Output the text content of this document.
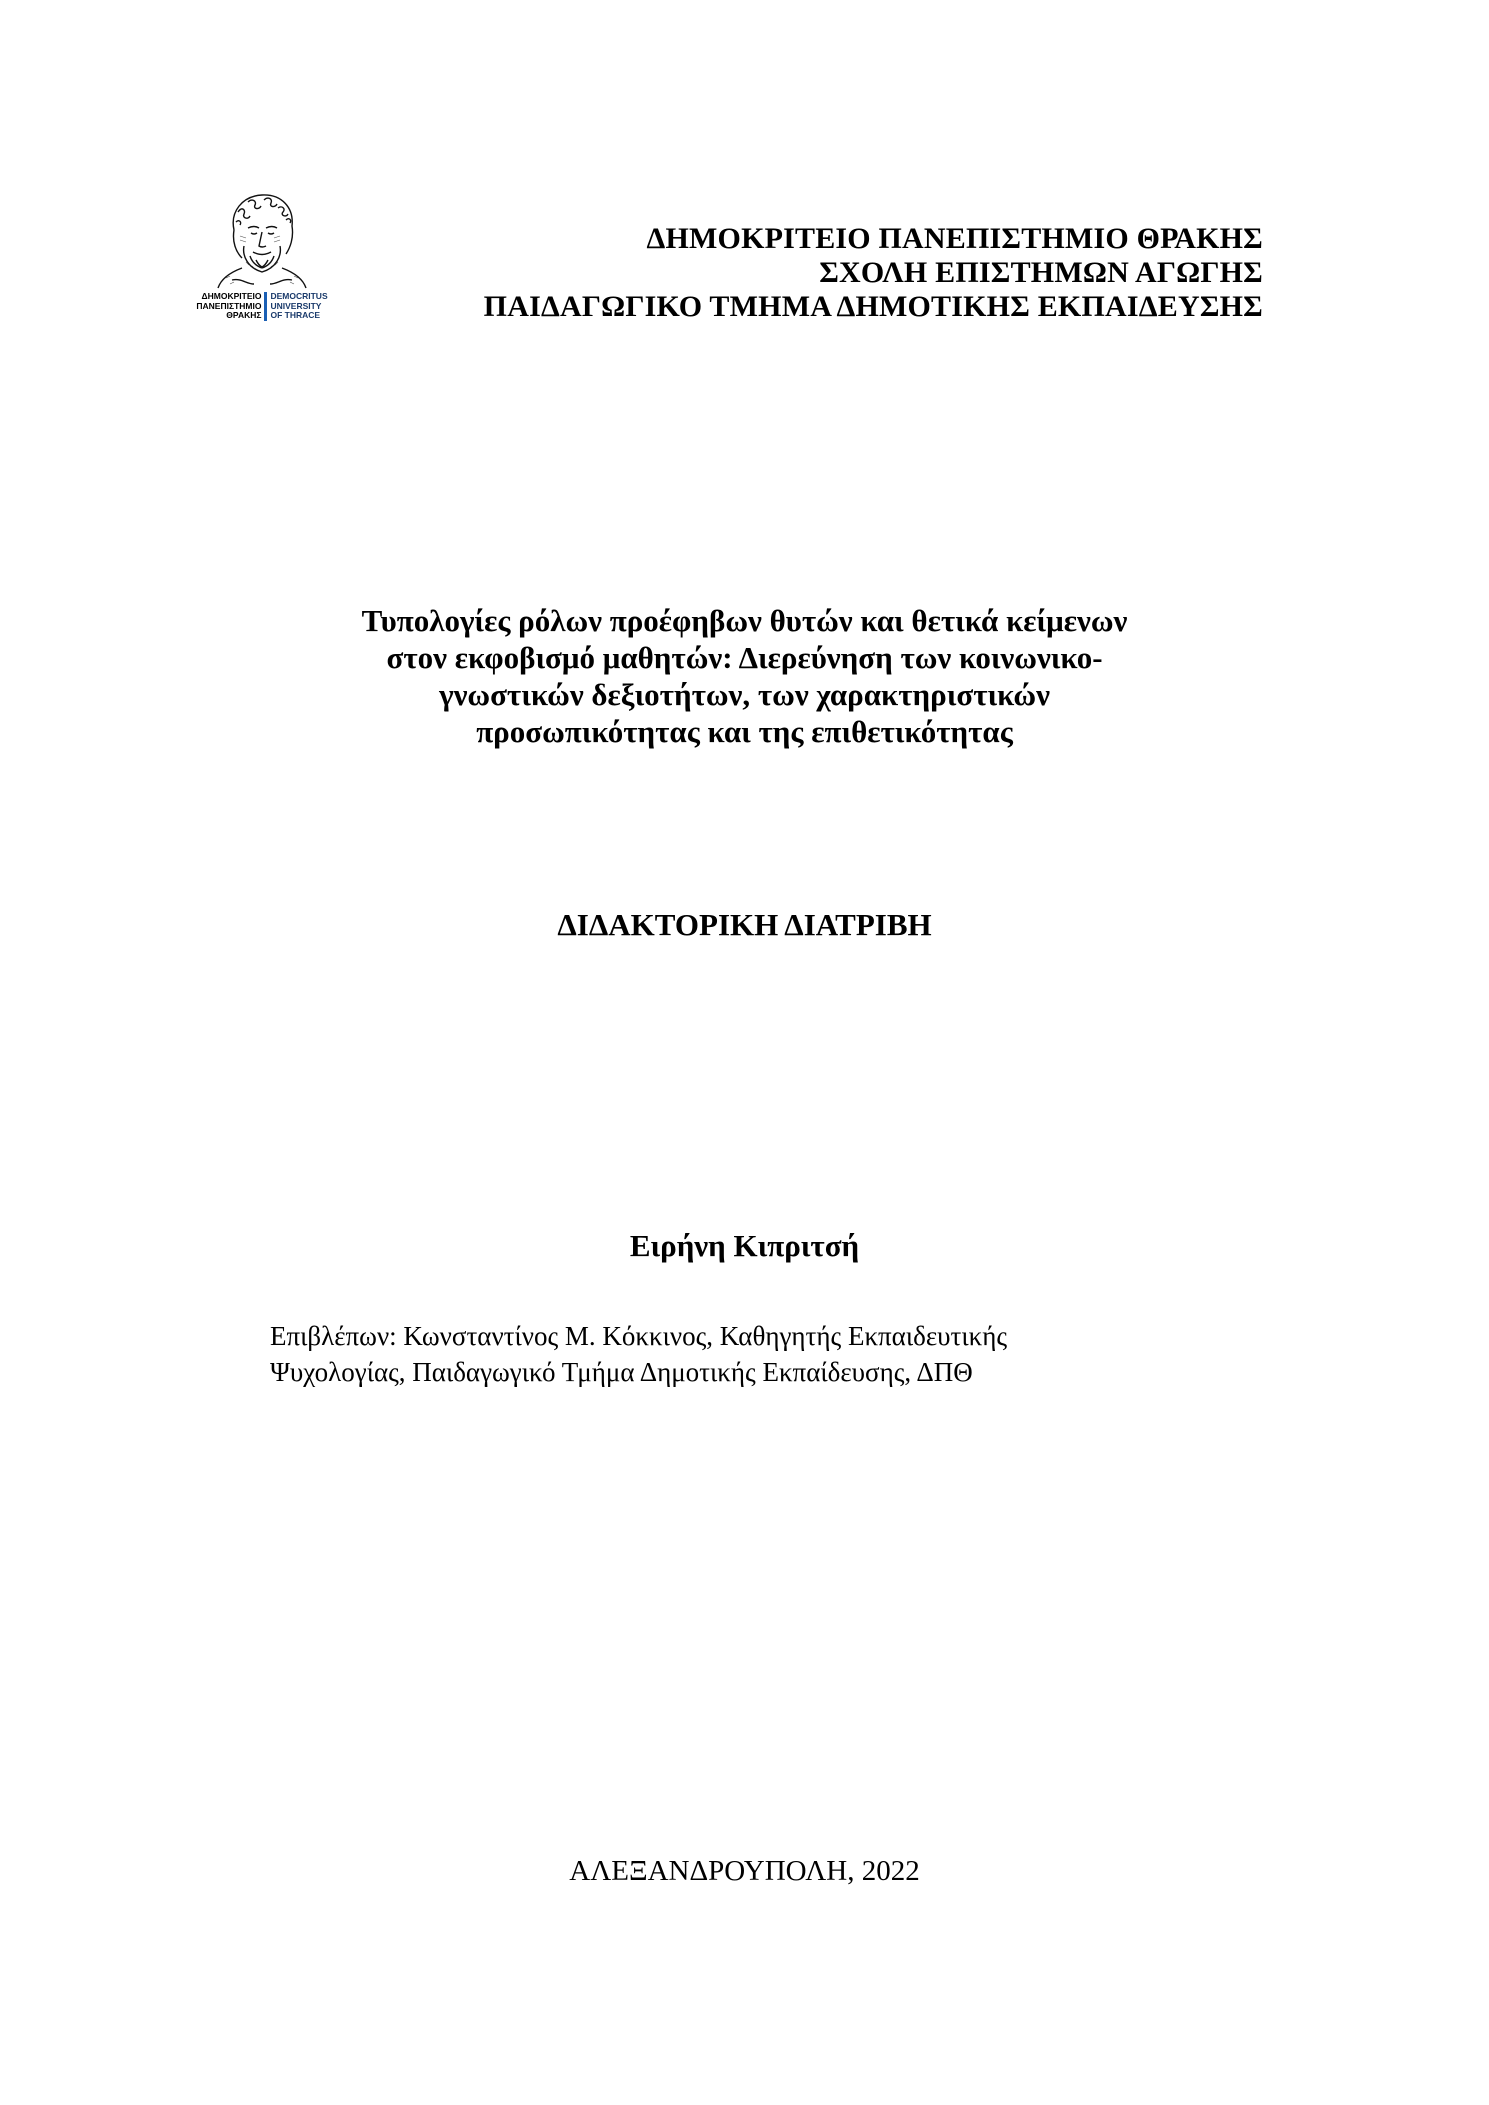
ΔΗΜΟΚΡΙΤΕΙΟ
ΠΑΝΕΠΙΣΤΗΜΙΟ
ΘΡΑΚΗΣ
DEMOCRITUS
UNIVERSITY
OF THRACE
ΔΗΜΟΚΡΙΤΕΙΟ ΠΑΝΕΠΙΣΤΗΜΙΟ ΘΡΑΚΗΣ
ΣΧΟΛΗ ΕΠΙΣΤΗΜΩΝ ΑΓΩΓΗΣ
ΠΑΙΔΑΓΩΓΙΚΟ ΤΜΗΜΑ ΔΗΜΟΤΙΚΗΣ ΕΚΠΑΙΔΕΥΣΗΣ
Τυπολογίες ρόλων προέφηβων θυτών και θετικά κείμενων
στον εκφοβισμό μαθητών: Διερεύνηση των κοινωνικο-
γνωστικών δεξιοτήτων, των χαρακτηριστικών
προσωπικότητας και της επιθετικότητας
ΔΙΔΑΚΤΟΡΙΚΗ ΔΙΑΤΡΙΒΗ
Ειρήνη Κιπριτσή
Επιβλέπων: Κωνσταντίνος Μ. Κόκκινος, Καθηγητής Εκπαιδευτικής
Ψυχολογίας, Παιδαγωγικό Τμήμα Δημοτικής Εκπαίδευσης, ΔΠΘ
ΑΛΕΞΑΝΔΡΟΥΠΟΛΗ, 2022
